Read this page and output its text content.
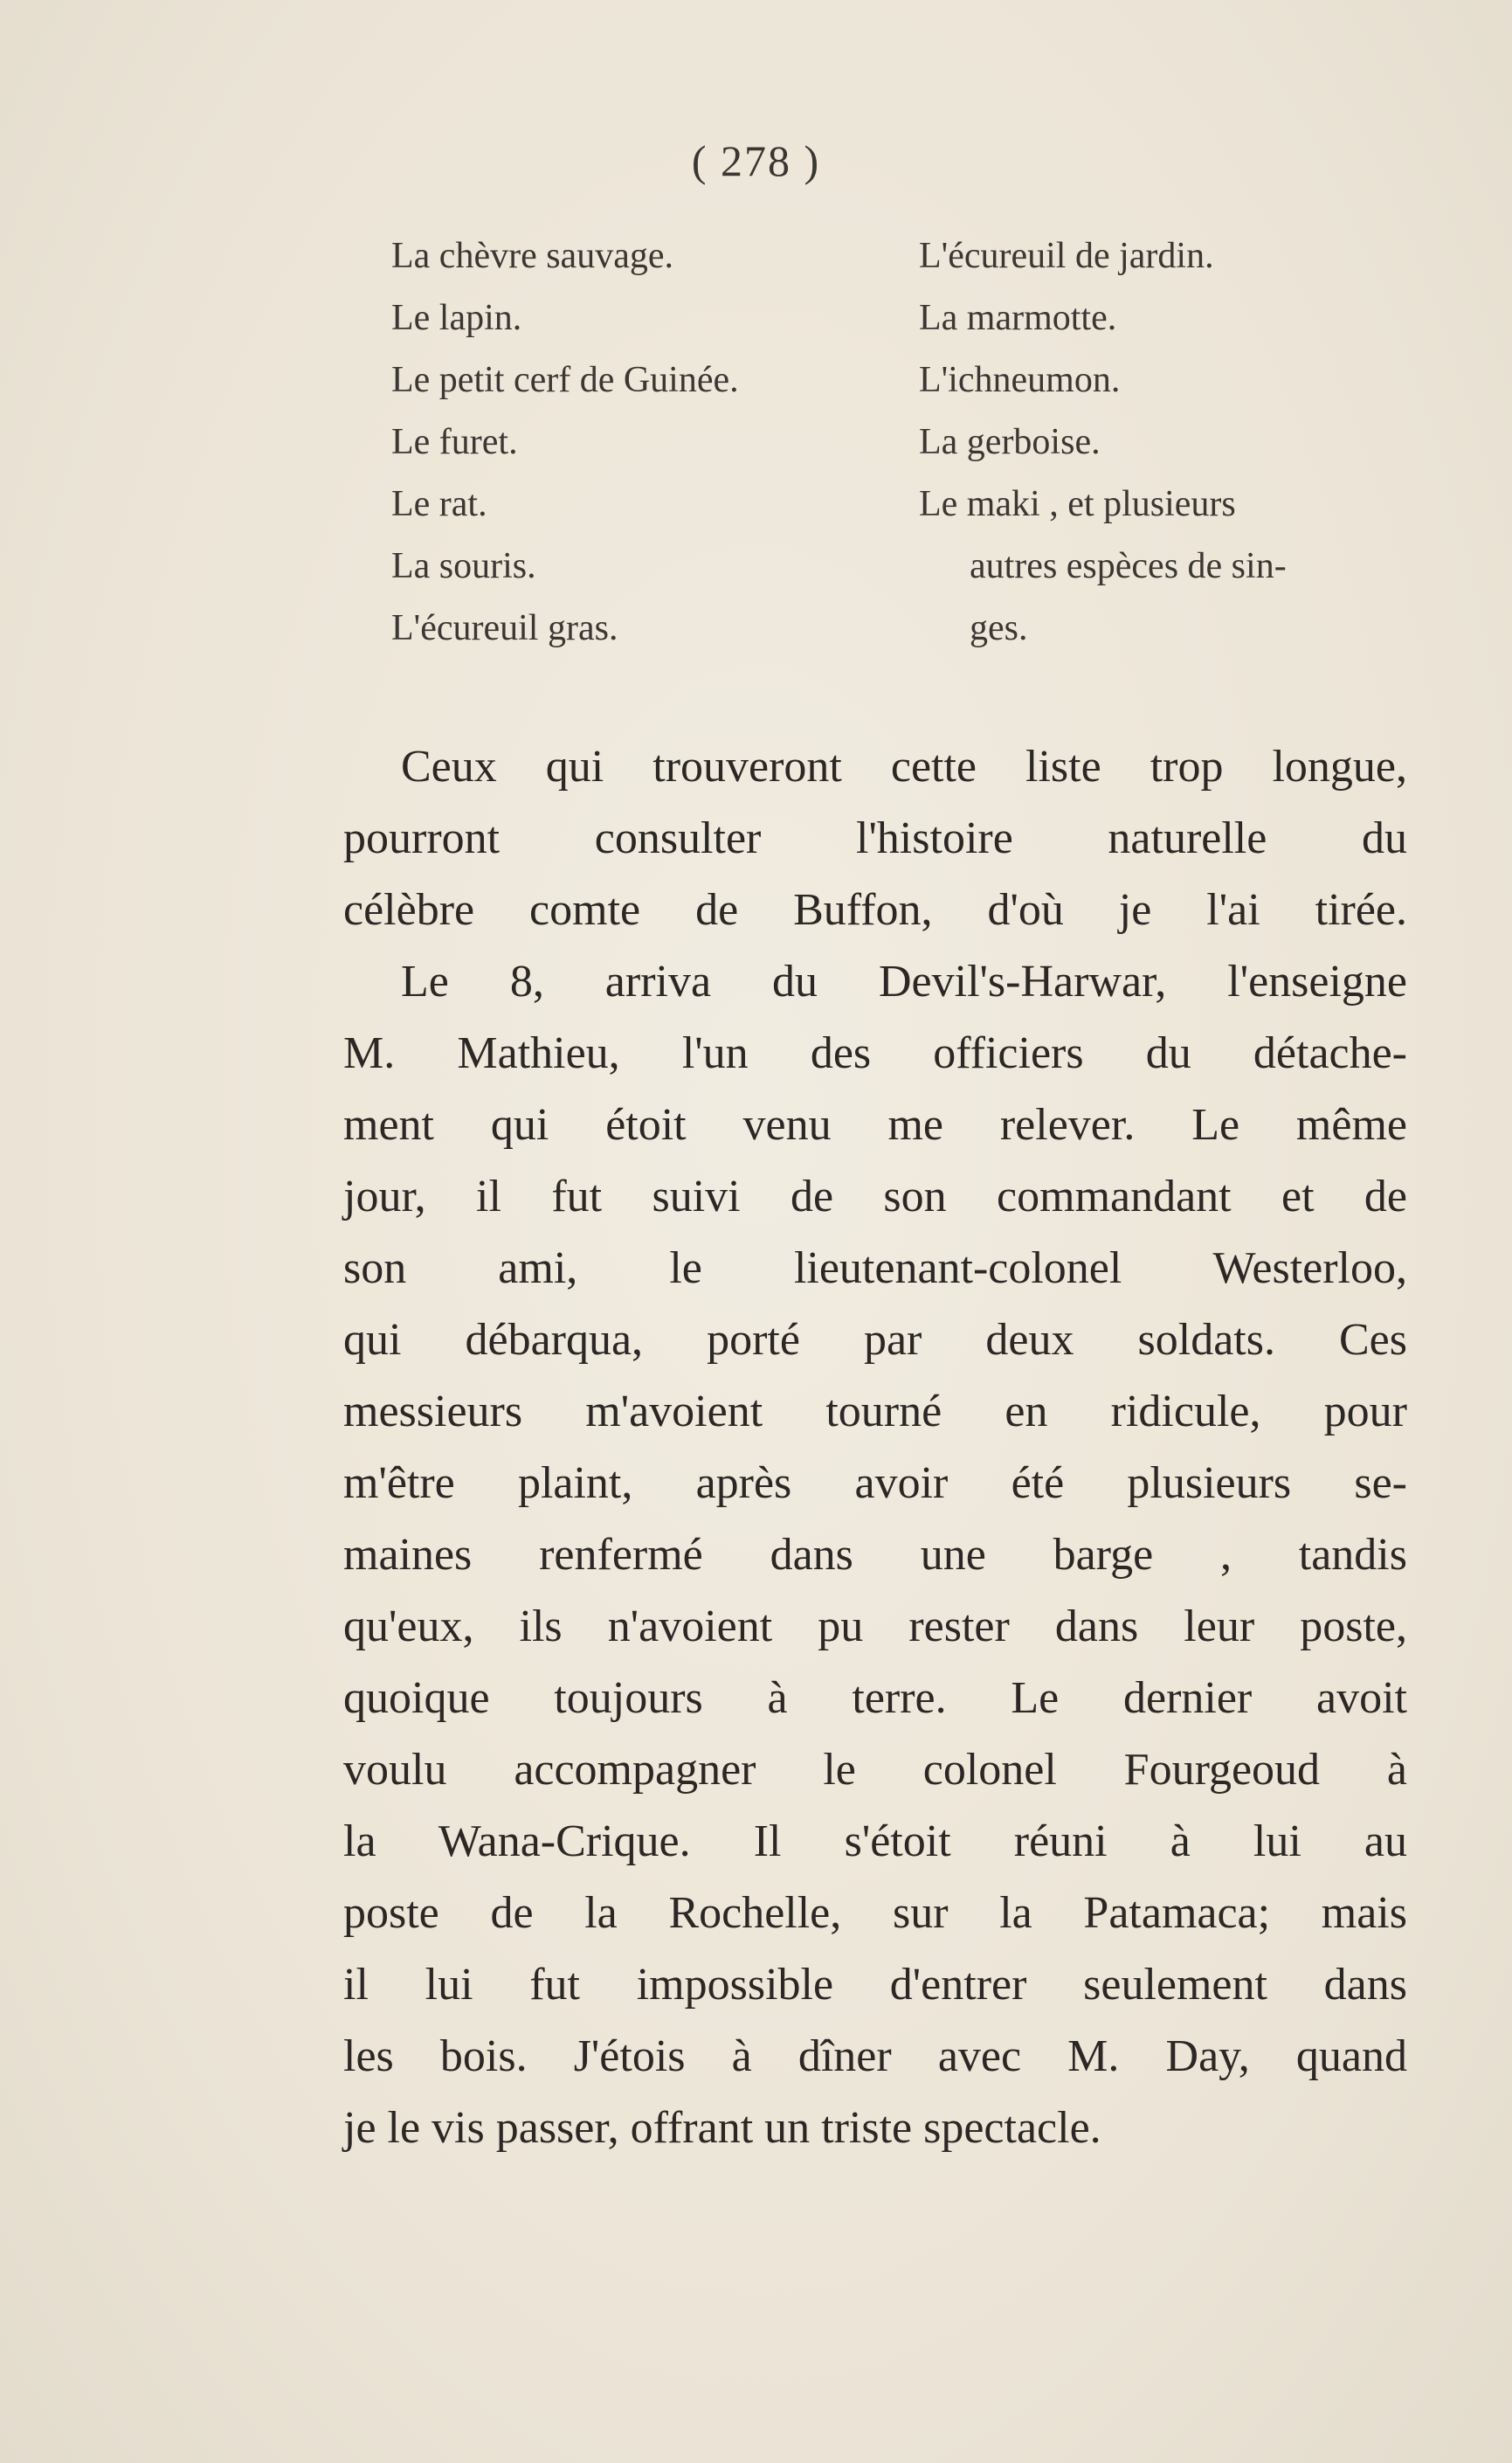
( 278 )
La chèvre sauvage.
Le lapin.
Le petit cerf de Guinée.
Le furet.
Le rat.
La souris.
L'écureuil gras.
L'écureuil de jardin.
La marmotte.
L'ichneumon.
La gerboise.
Le maki , et plusieurs
autres espèces de sin-
ges.
Ceux qui trouveront cette liste trop longue,
pourront consulter l'histoire naturelle du
célèbre comte de Buffon, d'où je l'ai tirée.
Le 8, arriva du Devil's-Harwar, l'enseigne
M. Mathieu, l'un des officiers du détache-
ment qui étoit venu me relever. Le même
jour, il fut suivi de son commandant et de
son ami, le lieutenant-colonel Westerloo,
qui débarqua, porté par deux soldats. Ces
messieurs m'avoient tourné en ridicule, pour
m'être plaint, après avoir été plusieurs se-
maines renfermé dans une barge , tandis
qu'eux, ils n'avoient pu rester dans leur poste,
quoique toujours à terre. Le dernier avoit
voulu accompagner le colonel Fourgeoud à
la Wana-Crique. Il s'étoit réuni à lui au
poste de la Rochelle, sur la Patamaca; mais
il lui fut impossible d'entrer seulement dans
les bois. J'étois à dîner avec M. Day, quand
je le vis passer, offrant un triste spectacle.
